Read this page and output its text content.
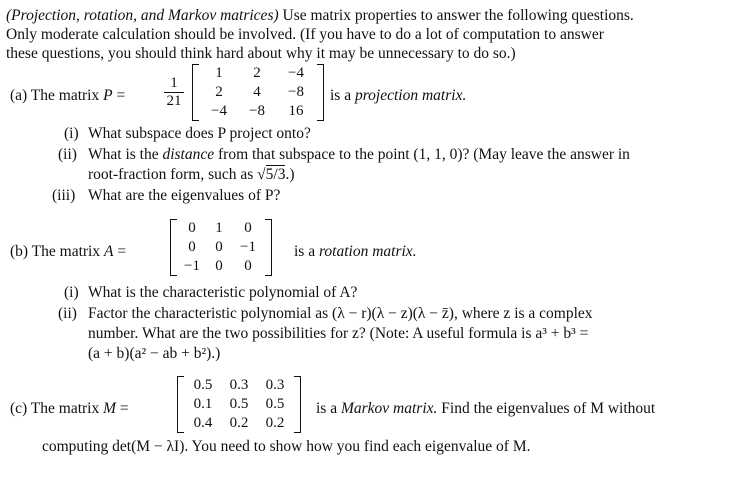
(Projection, rotation, and Markov matrices) Use matrix properties to answer the following questions.
Only moderate calculation should be involved. (If you have to do a lot of computation to answer
these questions, you should think hard about why it may be unnecessary to do so.)
(a) The matrix P =	$\frac{1}{21}$
1	2	−4
2	4	−8
−4	−8	16
is a projection matrix.
(i) What subspace does P project onto?
(ii) What is the distance from that subspace to the point (1, 1, 0)? (May leave the answer in
root-fraction form, such as √5/3.)
(iii) What are the eigenvalues of P?
(b) The matrix A =
0	1	0
0	0	−1
−1	0	0
is a rotation matrix.
(i) What is the characteristic polynomial of A?
(ii) Factor the characteristic polynomial as (λ − r)(λ − z)(λ − z̄), where z is a complex
number. What are the two possibilities for z? (Note: A useful formula is a³ + b³ =
(a + b)(a² − ab + b²).)
(c) The matrix M =
0.5	0.3	0.3
0.1	0.5	0.5
0.4	0.2	0.2
is a Markov matrix. Find the eigenvalues of M without
computing det(M − λI). You need to show how you find each eigenvalue of M.
